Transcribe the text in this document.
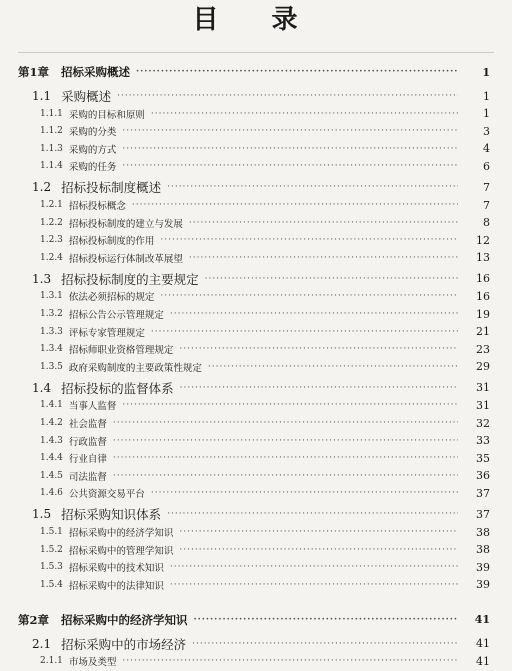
目 录
第1章 招标采购概述 ·····	1
1.1 采购概述 ·····	1
1.1.1 采购的目标和原则 ·····	1
1.1.2 采购的分类 ·····	3
1.1.3 采购的方式 ·····	4
1.1.4 采购的任务 ·····	6
1.2 招标投标制度概述 ·····	7
1.2.1 招标投标概念 ·····	7
1.2.2 招标投标制度的建立与发展 ·····	8
1.2.3 招标投标制度的作用 ·····	12
1.2.4 招标投标运行体制改革展望 ·····	13
1.3 招标投标制度的主要规定 ·····	16
1.3.1 依法必须招标的规定 ·····	16
1.3.2 招标公告公示管理规定 ·····	19
1.3.3 评标专家管理规定 ·····	21
1.3.4 招标师职业资格管理规定 ·····	23
1.3.5 政府采购制度的主要政策性规定 ·····	29
1.4 招标投标的监督体系 ·····	31
1.4.1 当事人监督 ·····	31
1.4.2 社会监督 ·····	32
1.4.3 行政监督 ·····	33
1.4.4 行业自律 ·····	35
1.4.5 司法监督 ·····	36
1.4.6 公共资源交易平台 ·····	37
1.5 招标采购知识体系 ·····	37
1.5.1 招标采购中的经济学知识 ·····	38
1.5.2 招标采购中的管理学知识 ·····	38
1.5.3 招标采购中的技术知识 ·····	39
1.5.4 招标采购中的法律知识 ·····	39
第2章 招标采购中的经济学知识 ·····	41
2.1 招标采购中的市场经济 ·····	41
2.1.1 市场及类型 ·····	41
